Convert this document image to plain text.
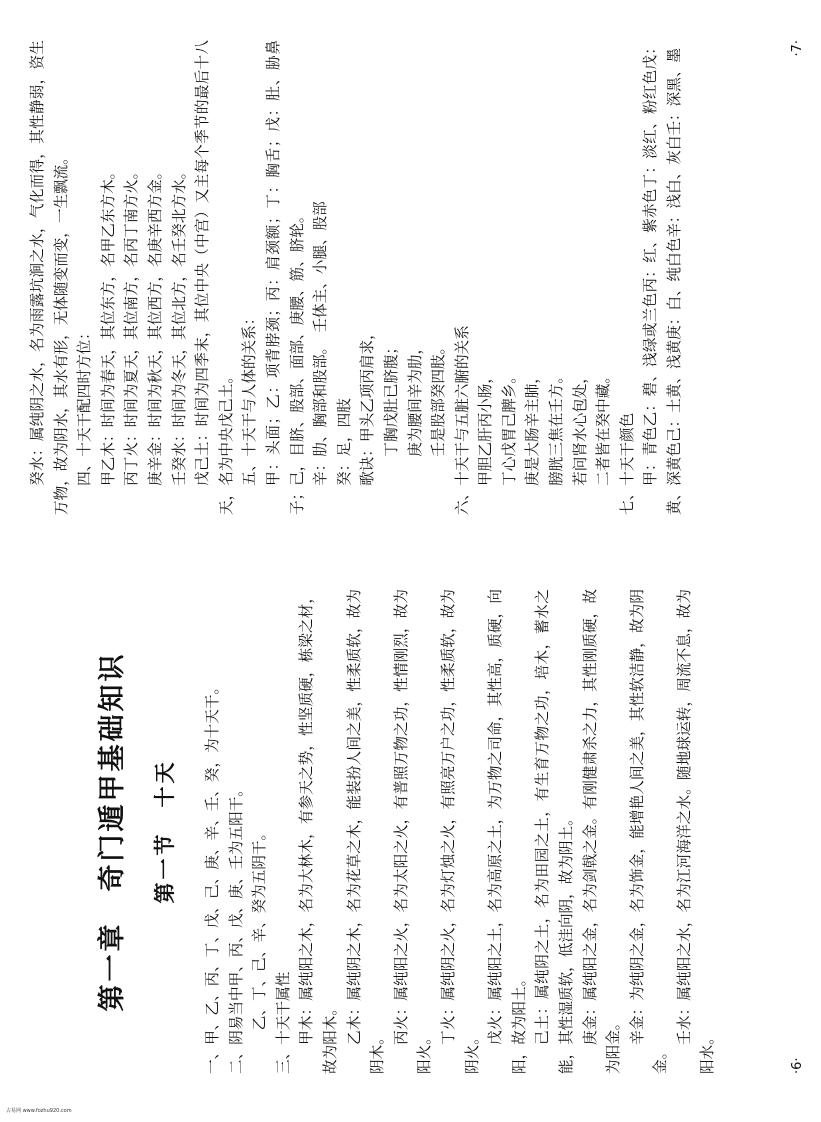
第一章　奇门遁甲基础知识 第一节　十天 一、甲、乙、丙、丁、戊、己、庚、辛、壬、癸，为十天干。 二、阴易当中甲、丙、戊、庚、壬为五阳干。 乙、丁、己、辛、癸为五阴干。 三、十天干属性 甲木：属纯阳之木，名为大林木，有参天之势，性坚质硬，栋梁之材，故为阳木。 乙木：属纯阴之木，名为花草之木，能装扮人间之美，性柔质软，故为阴木。

丙火：属纯阳之火，名为太阳之火，有普照万物之功，性情刚烈，故为阳火。

丁火：属纯阴之火，名为灯烛之火，有照亮万户之功，性柔质软，故为阴火。

戊火：属纯阳之土，名为高原之土，为万物之司命，其性高，质硬，向阳，故为阳土。 己土：属纯阴之土，名为田园之土，有生育万物之功，培木，蓄水之能，其性湿质软，低洼向阴，故为阴土。 庚金：属纯阳之金，名为剑戟之金。有刚健肃杀之力，其性刚质硬，故为阳金。 辛金：为纯阴之金，名为饰金，能增艳人间之美，其性软洁静，故为阴金。

壬水：属纯阳之水，名为江河海洋之水。随地球运转，周流不息，故为阳水。	·6·

癸水：属纯阴之水，名为雨露坑涧之水，气化而得，其性静弱，资生万物，故为阴水，其水有形，无体随变而变，一生飘流。 四、十天干配四时方位： 甲乙木：时间为春天，其位东方，名甲乙东方木。 丙丁火：时间为夏天，其位南方，名丙丁南方火。 庚辛金：时间为秋天，其位西方，名庚辛西方金。 壬癸水：时间为冬天，其位北方，名壬癸北方水。 戊己土：时间为四季末，其位中央（中宫）又主每个季节的最后十八天，名为中央戊己土。 五、十天干与人体的关系： 甲：头面；乙：项背脖颈；丙：肩颈额；丁：胸舌；戊：肚、胁鼻子；己，目脐、股部、面部、庚腰、筋、脐轮。 辛：肋、胸部和股部。　壬体主、小腿、股部 癸：足，四肢 歌诀：甲头乙项丙肩求， 丁胸戊肚已脐腹； 庚为腰间辛为肋， 壬是股部癸四肢。 六、十天干与五脏六腑的关系 甲胆乙肝丙小肠， 丁心戊胃己脾乡。 庚是大肠辛主肺， 膀胱三焦在壬方。 若问肾水心包处， 二者皆在癸中藏。 七、十天干颜色 甲：青色乙：碧、浅绿或兰色丙：红、紫赤色丁：淡红、粉红色戊：黄、深黄色己：土黄、浅黄庚：白、纯白色辛：浅白、灰白壬：深黑、墨	·7·
古易网 www.fozhu920.com
